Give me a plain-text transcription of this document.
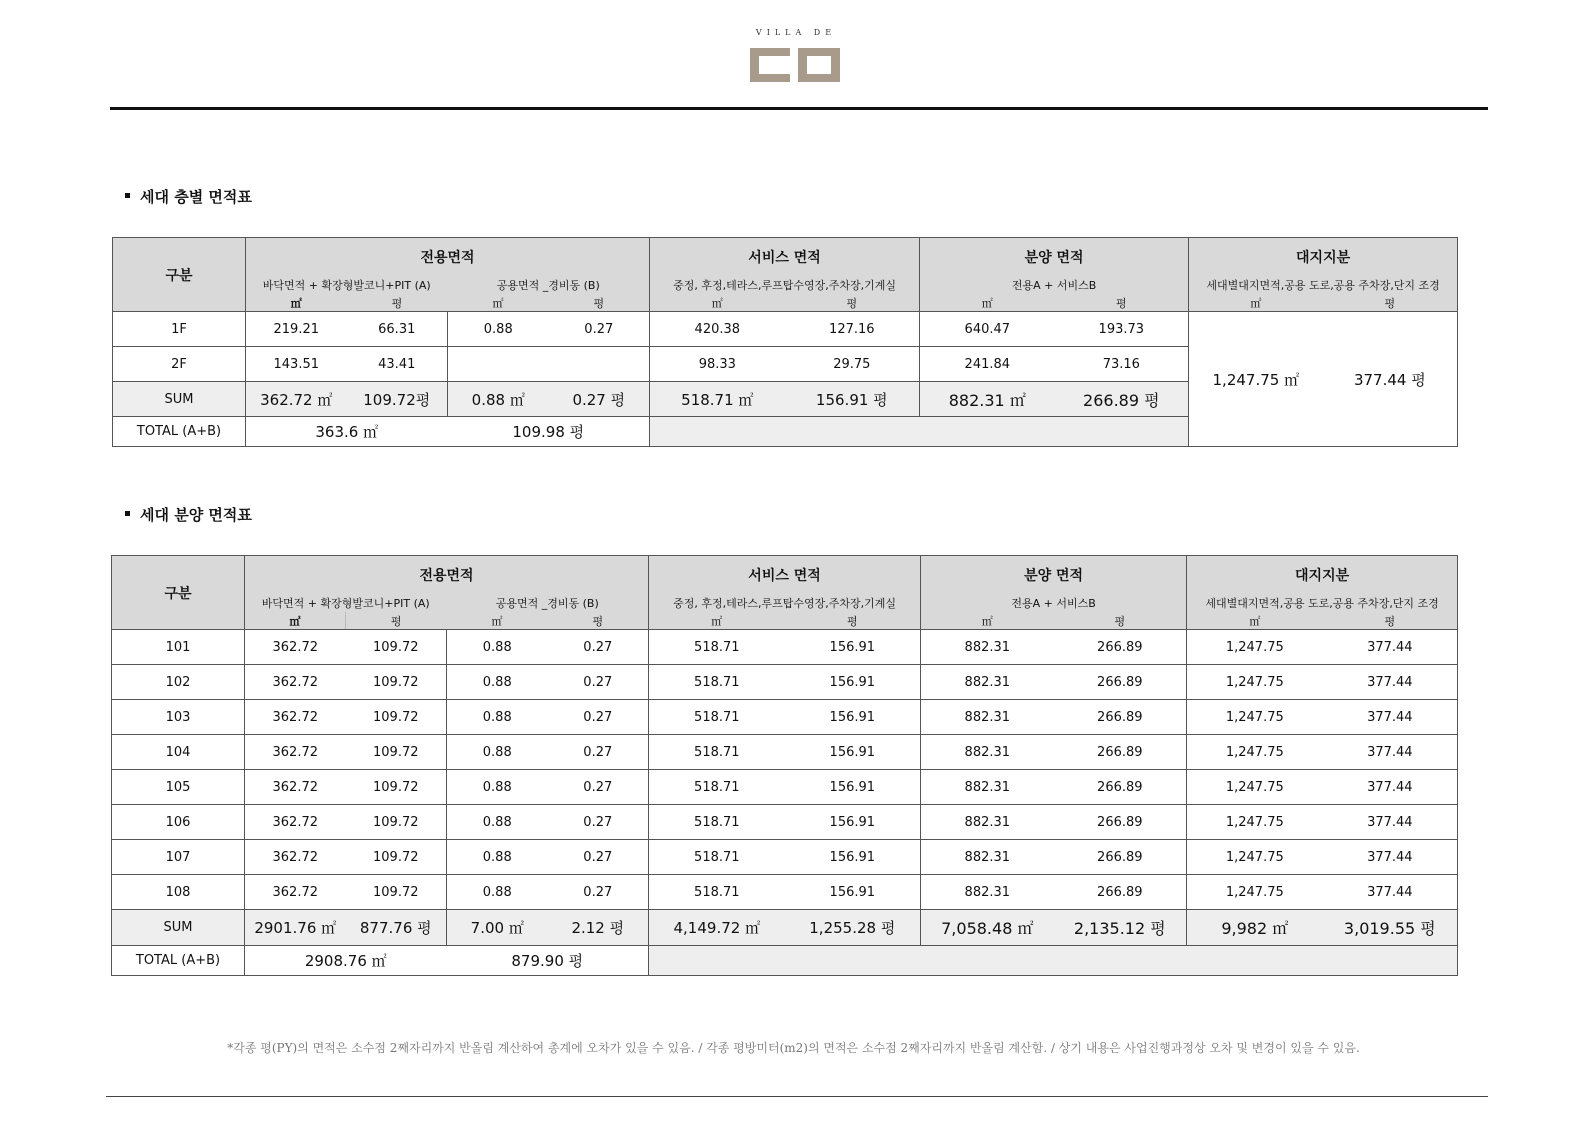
VILLA DE
세대 층별 면적표
구분	전용면적				서비스 면적		분양 면적		대지지분	
	바닥면적 + 확장형발코니+PIT (A)		공용면적 _경비동 (B)		중정, 후정,테라스,루프탑수영장,주차장,기계실		전용A + 서비스B		세대별대지면적,공용 도로,공용 주차장,단지 조경	
	㎡	평	㎡	평	㎡	평	㎡	평	㎡	평
1F	219.21	66.31	0.88	0.27	420.38	127.16	640.47	193.73	1,247.75 ㎡	377.44 평
2F	143.51	43.41			98.33	29.75	241.84	73.16		
SUM	362.72 ㎡	109.72평	0.88 ㎡	0.27 평	518.71 ㎡	156.91 평	882.31 ㎡	266.89 평		
TOTAL (A+B)	363.6 ㎡		109.98 평							
세대 분양 면적표
구분	전용면적				서비스 면적		분양 면적		대지지분	
	바닥면적 + 확장형발코니+PIT (A)		공용면적 _경비동 (B)		중정, 후정,테라스,루프탑수영장,주차장,기계실		전용A + 서비스B		세대별대지면적,공용 도로,공용 주차장,단지 조경	
	㎡	평	㎡	평	㎡	평	㎡	평	㎡	평
101	362.72	109.72	0.88	0.27	518.71	156.91	882.31	266.89	1,247.75	377.44
102	362.72	109.72	0.88	0.27	518.71	156.91	882.31	266.89	1,247.75	377.44
103	362.72	109.72	0.88	0.27	518.71	156.91	882.31	266.89	1,247.75	377.44
104	362.72	109.72	0.88	0.27	518.71	156.91	882.31	266.89	1,247.75	377.44
105	362.72	109.72	0.88	0.27	518.71	156.91	882.31	266.89	1,247.75	377.44
106	362.72	109.72	0.88	0.27	518.71	156.91	882.31	266.89	1,247.75	377.44
107	362.72	109.72	0.88	0.27	518.71	156.91	882.31	266.89	1,247.75	377.44
108	362.72	109.72	0.88	0.27	518.71	156.91	882.31	266.89	1,247.75	377.44
SUM	2901.76 ㎡	877.76 평	7.00 ㎡	2.12 평	4,149.72 ㎡	1,255.28 평	7,058.48 ㎡	2,135.12 평	9,982 ㎡	3,019.55 평
TOTAL (A+B)	2908.76 ㎡		879.90 평							
*각종 평(PY)의 면적은 소수점 2째자리까지 반올림 계산하여 총계에 오차가 있을 수 있음. / 각종 평방미터(m2)의 면적은 소수점 2째자리까지 반올림 계산함. / 상기 내용은 사업진행과정상 오차 및 변경이 있을 수 있음.
